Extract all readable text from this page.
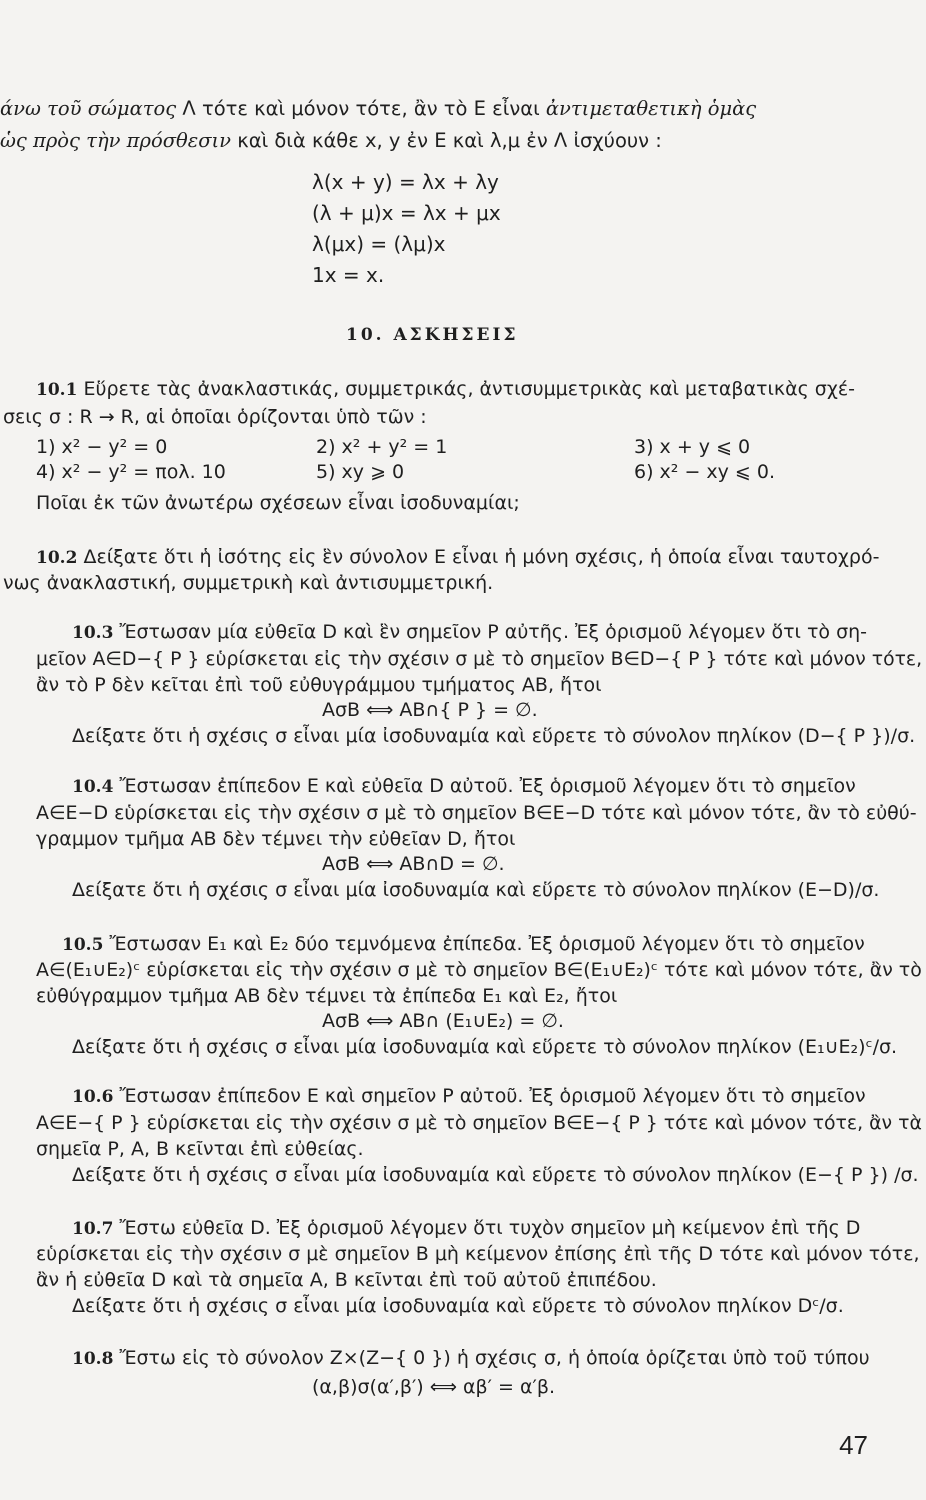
άνω τοῦ σώματος Λ τότε καὶ μόνον τότε, ἂν τὸ Ε εἶναι ἀντιμεταθετικὴ ὁμὰς
ὡς πρὸς τὴν πρόσθεσιν καὶ διὰ κάθε x, y ἐν Ε καὶ λ,μ ἐν Λ ἰσχύουν :
λ(x + y) = λx + λy
(λ + μ)x = λx + μx
λ(μx) = (λμ)x
1x = x.
10. ΑΣΚΗΣΕΙΣ
10.1 Εὕρετε τὰς ἀνακλαστικάς, συμμετρικάς, ἀντισυμμετρικὰς καὶ μεταβατικὰς σχέ-
σεις σ : R → R, αἱ ὁποῖαι ὁρίζονται ὑπὸ τῶν :
1) x² − y² = 0	2) x² + y² = 1	3) x + y ⩽ 0
4) x² − y² = πολ. 10	5) xy ⩾ 0	6) x² − xy ⩽ 0.
Ποῖαι ἐκ τῶν ἀνωτέρω σχέσεων εἶναι ἰσοδυναμίαι;
10.2 Δείξατε ὅτι ἡ ἰσότης εἰς ἓν σύνολον Ε εἶναι ἡ μόνη σχέσις, ἡ ὁποία εἶναι ταυτοχρό-
νως ἀνακλαστική, συμμετρικὴ καὶ ἀντισυμμετρική.
10.3 Ἔστωσαν μία εὐθεῖα D καὶ ἓν σημεῖον Ρ αὐτῆς. Ἐξ ὁρισμοῦ λέγομεν ὅτι τὸ ση-
μεῖον A∈D−{ P } εὑρίσκεται εἰς τὴν σχέσιν σ μὲ τὸ σημεῖον B∈D−{ P } τότε καὶ μόνον τότε,
ἂν τὸ Ρ δὲν κεῖται ἐπὶ τοῦ εὐθυγράμμου τμήματος ΑΒ, ἤτοι
AσB ⟺ AB∩{ P } = ∅.
Δείξατε ὅτι ἡ σχέσις σ εἶναι μία ἰσοδυναμία καὶ εὕρετε τὸ σύνολον πηλίκον (D−{ P })/σ.
10.4 Ἔστωσαν ἐπίπεδον Ε καὶ εὐθεῖα D αὐτοῦ. Ἐξ ὁρισμοῦ λέγομεν ὅτι τὸ σημεῖον
A∈E−D εὑρίσκεται εἰς τὴν σχέσιν σ μὲ τὸ σημεῖον B∈E−D τότε καὶ μόνον τότε, ἂν τὸ εὐθύ-
γραμμον τμῆμα ΑΒ δὲν τέμνει τὴν εὐθεῖαν D, ἤτοι
AσB ⟺ AB∩D = ∅.
Δείξατε ὅτι ἡ σχέσις σ εἶναι μία ἰσοδυναμία καὶ εὕρετε τὸ σύνολον πηλίκον (E−D)/σ.
10.5 Ἔστωσαν E₁ καὶ E₂ δύο τεμνόμενα ἐπίπεδα. Ἐξ ὁρισμοῦ λέγομεν ὅτι τὸ σημεῖον
A∈(E₁∪E₂)ᶜ εὑρίσκεται εἰς τὴν σχέσιν σ μὲ τὸ σημεῖον B∈(E₁∪E₂)ᶜ τότε καὶ μόνον τότε, ἂν τὸ
εὐθύγραμμον τμῆμα ΑΒ δὲν τέμνει τὰ ἐπίπεδα E₁ καὶ E₂, ἤτοι
AσB ⟺ AB∩ (E₁∪E₂) = ∅.
Δείξατε ὅτι ἡ σχέσις σ εἶναι μία ἰσοδυναμία καὶ εὕρετε τὸ σύνολον πηλίκον (E₁∪E₂)ᶜ/σ.
10.6 Ἔστωσαν ἐπίπεδον Ε καὶ σημεῖον Ρ αὐτοῦ. Ἐξ ὁρισμοῦ λέγομεν ὅτι τὸ σημεῖον
A∈E−{ P } εὑρίσκεται εἰς τὴν σχέσιν σ μὲ τὸ σημεῖον B∈E−{ P } τότε καὶ μόνον τότε, ἂν τὰ
σημεῖα Ρ, Α, Β κεῖνται ἐπὶ εὐθείας.
Δείξατε ὅτι ἡ σχέσις σ εἶναι μία ἰσοδυναμία καὶ εὕρετε τὸ σύνολον πηλίκον (E−{ P }) /σ.
10.7 Ἔστω εὐθεῖα D. Ἐξ ὁρισμοῦ λέγομεν ὅτι τυχὸν σημεῖον μὴ κείμενον ἐπὶ τῆς D
εὑρίσκεται εἰς τὴν σχέσιν σ μὲ σημεῖον Β μὴ κείμενον ἐπίσης ἐπὶ τῆς D τότε καὶ μόνον τότε,
ἂν ἡ εὐθεῖα D καὶ τὰ σημεῖα Α, Β κεῖνται ἐπὶ τοῦ αὐτοῦ ἐπιπέδου.
Δείξατε ὅτι ἡ σχέσις σ εἶναι μία ἰσοδυναμία καὶ εὕρετε τὸ σύνολον πηλίκον Dᶜ/σ.
10.8 Ἔστω εἰς τὸ σύνολον Z×(Z−{ 0 }) ἡ σχέσις σ, ἡ ὁποία ὁρίζεται ὑπὸ τοῦ τύπου
(α,β)σ(α′,β′) ⟺ αβ′ = α′β.
47
